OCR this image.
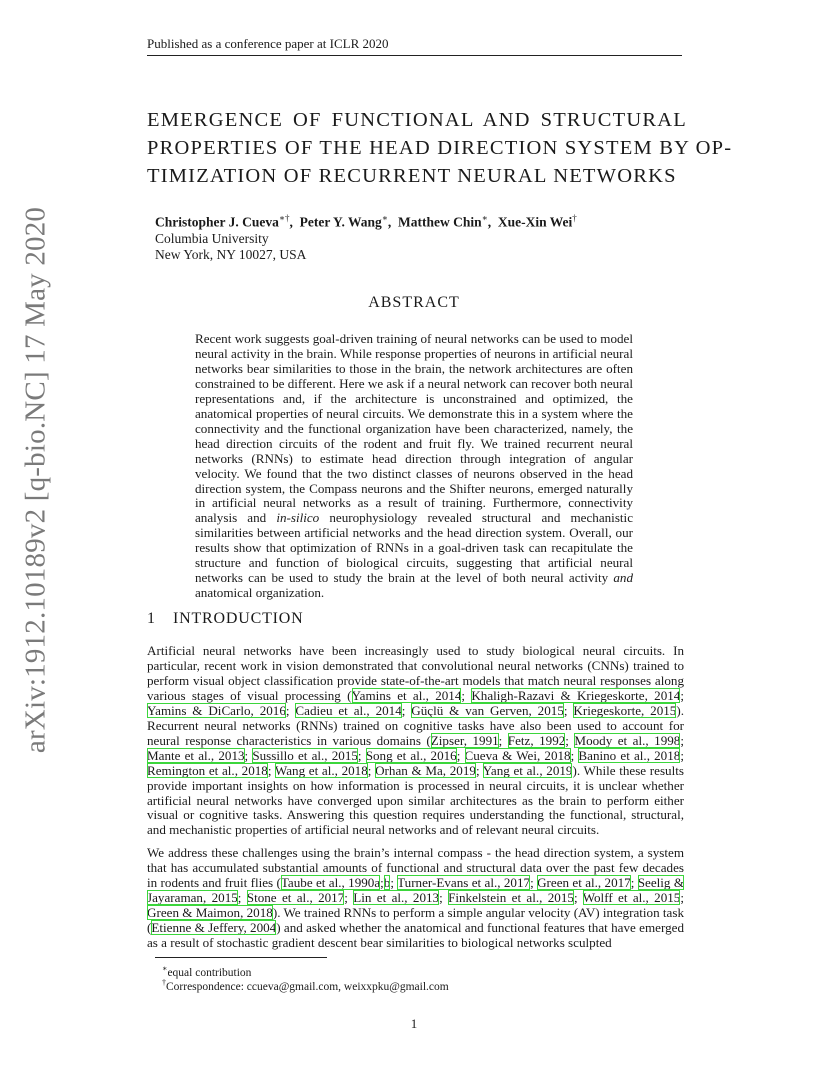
Published as a conference paper at ICLR 2020
arXiv:1912.10189v2 [q-bio.NC] 17 May 2020
EMERGENCE OF FUNCTIONAL AND STRUCTURAL
PROPERTIES OF THE HEAD DIRECTION SYSTEM BY OP-
TIMIZATION OF RECURRENT NEURAL NETWORKS
Christopher J. Cueva∗†,  Peter Y. Wang∗,  Matthew Chin∗,  Xue-Xin Wei†
Columbia University
New York, NY 10027, USA
ABSTRACT
Recent work suggests goal-driven training of neural networks can be used to model neural activity in the brain. While response properties of neurons in artificial neural networks bear similarities to those in the brain, the network architectures are often constrained to be different. Here we ask if a neural network can recover both neural representations and, if the architecture is unconstrained and optimized, the anatomical properties of neural circuits. We demonstrate this in a system where the connectivity and the functional organization have been characterized, namely, the head direction circuits of the rodent and fruit fly. We trained recurrent neural networks (RNNs) to estimate head direction through integration of angular velocity. We found that the two distinct classes of neurons observed in the head direction system, the Compass neurons and the Shifter neurons, emerged naturally in artificial neural networks as a result of training. Furthermore, connectivity analysis and in-silico neurophysiology revealed structural and mechanistic similarities between artificial networks and the head direction system. Overall, our results show that optimization of RNNs in a goal-driven task can recapitulate the structure and function of biological circuits, suggesting that artificial neural networks can be used to study the brain at the level of both neural activity and anatomical organization.
1 INTRODUCTION
Artificial neural networks have been increasingly used to study biological neural circuits. In particular, recent work in vision demonstrated that convolutional neural networks (CNNs) trained to perform visual object classification provide state-of-the-art models that match neural responses along various stages of visual processing (Yamins et al., 2014; Khaligh-Razavi & Kriegeskorte, 2014; Yamins & DiCarlo, 2016; Cadieu et al., 2014; Güçlü & van Gerven, 2015; Kriegeskorte, 2015). Recurrent neural networks (RNNs) trained on cognitive tasks have also been used to account for neural response characteristics in various domains (Zipser, 1991; Fetz, 1992; Moody et al., 1998; Mante et al., 2013; Sussillo et al., 2015; Song et al., 2016; Cueva & Wei, 2018; Banino et al., 2018; Remington et al., 2018; Wang et al., 2018; Orhan & Ma, 2019; Yang et al., 2019). While these results provide important insights on how information is processed in neural circuits, it is unclear whether artificial neural networks have converged upon similar architectures as the brain to perform either visual or cognitive tasks. Answering this question requires understanding the functional, structural, and mechanistic properties of artificial neural networks and of relevant neural circuits.
We address these challenges using the brain’s internal compass - the head direction system, a system that has accumulated substantial amounts of functional and structural data over the past few decades in rodents and fruit flies (Taube et al., 1990a;b; Turner-Evans et al., 2017; Green et al., 2017; Seelig & Jayaraman, 2015; Stone et al., 2017; Lin et al., 2013; Finkelstein et al., 2015; Wolff et al., 2015; Green & Maimon, 2018). We trained RNNs to perform a simple angular velocity (AV) integration task (Etienne & Jeffery, 2004) and asked whether the anatomical and functional features that have emerged as a result of stochastic gradient descent bear similarities to biological networks sculpted
∗equal contribution
†Correspondence: ccueva@gmail.com, weixxpku@gmail.com
1
